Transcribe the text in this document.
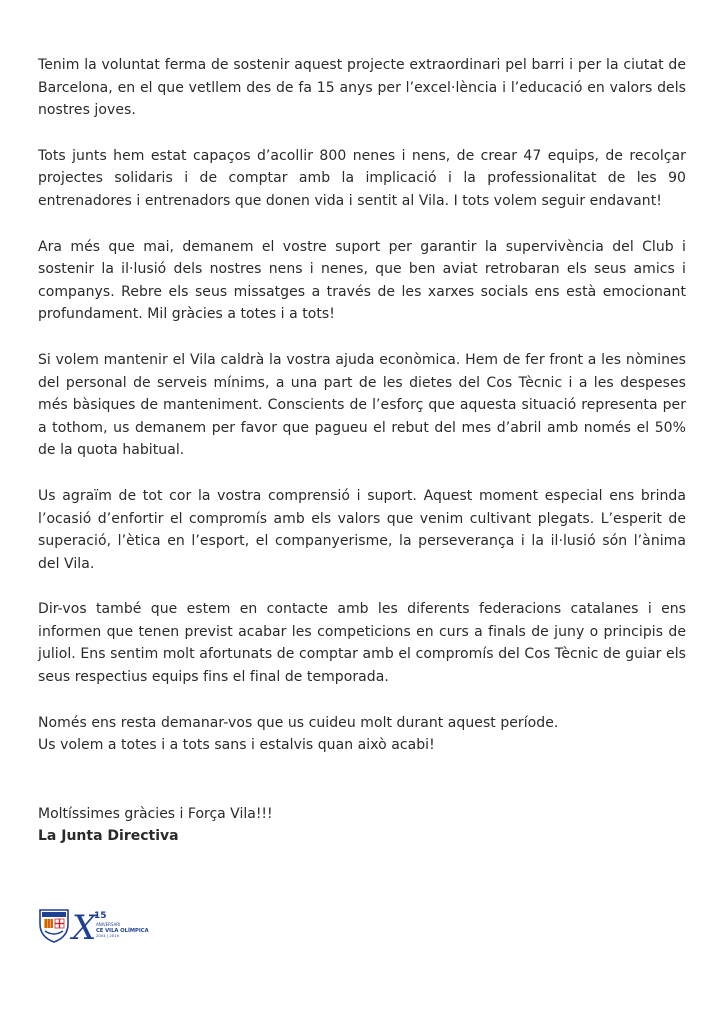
Tenim la voluntat ferma de sostenir aquest projecte extraordinari pel barri i per la ciutat de Barcelona, en el que vetllem des de fa 15 anys per l’excel·lència i l’educació en valors dels nostres joves.

Tots junts hem estat capaços d’acollir 800 nenes i nens, de crear 47 equips, de recolçar projectes solidaris i de comptar amb la implicació i la professionalitat de les 90 entrenadores i entrenadors que donen vida i sentit al Vila. I tots volem seguir endavant!

Ara més que mai, demanem el vostre suport per garantir la supervivència del Club i sostenir la il·lusió dels nostres nens i nenes, que ben aviat retrobaran els seus amics i companys. Rebre els seus missatges a través de les xarxes socials ens està emocionant profundament. Mil gràcies a totes i a tots!

Si volem mantenir el Vila caldrà la vostra ajuda econòmica. Hem de fer front a les nòmines del personal de serveis mínims, a una part de les dietes del Cos Tècnic i a les despeses més bàsiques de manteniment. Conscients de l’esforç que aquesta situació representa per a tothom, us demanem per favor que pagueu el rebut del mes d’abril amb només el 50% de la quota habitual.

Us agraïm de tot cor la vostra comprensió i suport. Aquest moment especial ens brinda l’ocasió d’enfortir el compromís amb els valors que venim cultivant plegats. L’esperit de superació, l’ètica en l’esport, el companyerisme, la perseverança i la il·lusió són l’ànima del Vila.

Dir-vos també que estem en contacte amb les diferents federacions catalanes i ens informen que tenen previst acabar les competicions en curs a finals de juny o principis de juliol. Ens sentim molt afortunats de comptar amb el compromís del Cos Tècnic de guiar els seus respectius equips fins el final de temporada.

Només ens resta demanar-vos que us cuideu molt durant aquest període.
Us volem a totes i a tots sans i estalvis quan això acabi!
Moltíssimes gràcies i Força Vila!!!
La Junta Directiva
X
15
ANIVERSARI
CE VILA OLÍMPICA
2004 | 2019
